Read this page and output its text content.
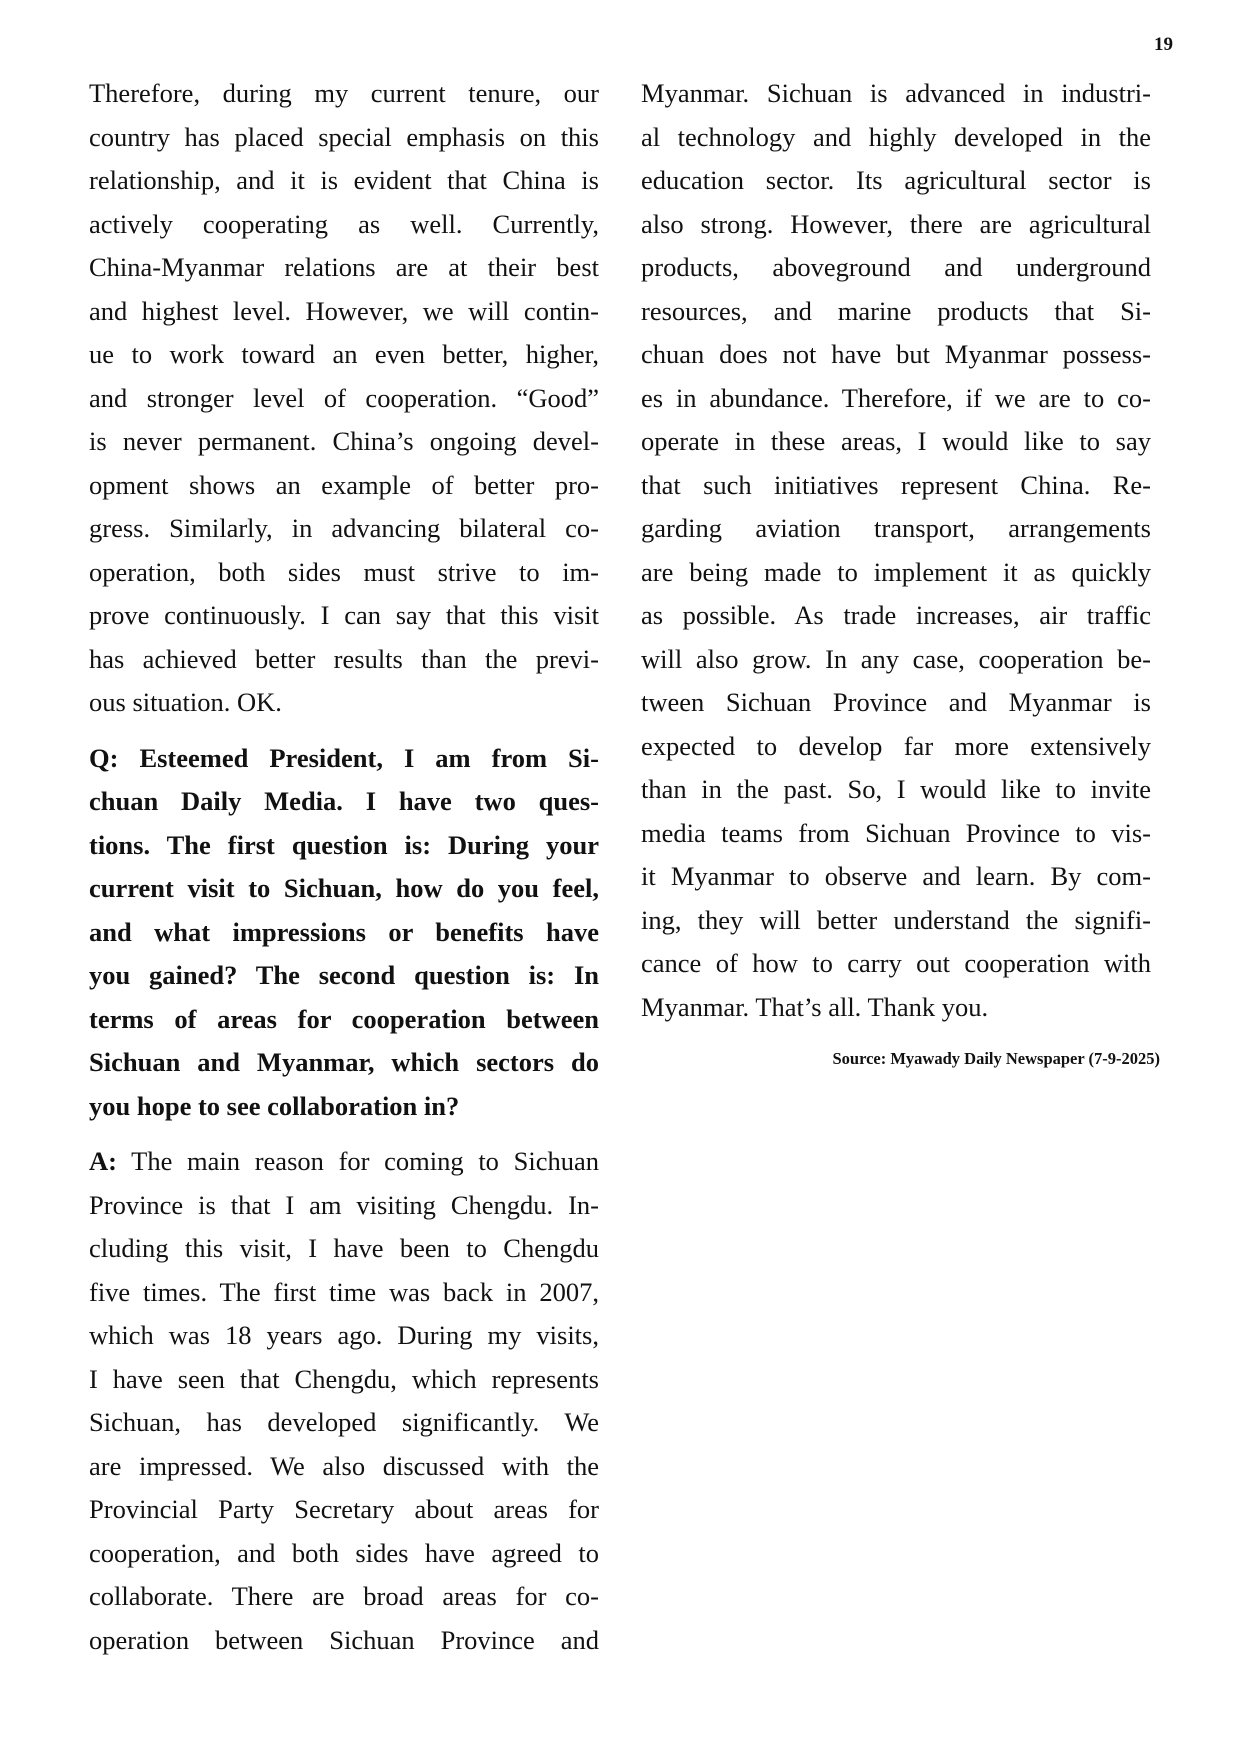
19

Therefore, during my current tenure, our
country has placed special emphasis on this
relationship, and it is evident that China is
actively cooperating as well. Currently,
China-Myanmar relations are at their best
and highest level. However, we will contin-
ue to work toward an even better, higher,
and stronger level of cooperation. “Good”
is never permanent. China’s ongoing devel-
opment shows an example of better pro-
gress. Similarly, in advancing bilateral co-
operation, both sides must strive to im-
prove continuously. I can say that this visit
has achieved better results than the previ-
ous situation. OK.

Q: Esteemed President, I am from Si-
chuan Daily Media. I have two ques-
tions. The first question is: During your
current visit to Sichuan, how do you feel,
and what impressions or benefits have
you gained? The second question is: In
terms of areas for cooperation between
Sichuan and Myanmar, which sectors do
you hope to see collaboration in?

A: The main reason for coming to Sichuan
Province is that I am visiting Chengdu. In-
cluding this visit, I have been to Chengdu
five times. The first time was back in 2007,
which was 18 years ago. During my visits,
I have seen that Chengdu, which represents
Sichuan, has developed significantly. We
are impressed. We also discussed with the
Provincial Party Secretary about areas for
cooperation, and both sides have agreed to
collaborate. There are broad areas for co-
operation between Sichuan Province and

Myanmar. Sichuan is advanced in industri-
al technology and highly developed in the
education sector. Its agricultural sector is
also strong. However, there are agricultural
products, aboveground and underground
resources, and marine products that Si-
chuan does not have but Myanmar possess-
es in abundance. Therefore, if we are to co-
operate in these areas, I would like to say
that such initiatives represent China. Re-
garding aviation transport, arrangements
are being made to implement it as quickly
as possible. As trade increases, air traffic
will also grow. In any case, cooperation be-
tween Sichuan Province and Myanmar is
expected to develop far more extensively
than in the past. So, I would like to invite
media teams from Sichuan Province to vis-
it Myanmar to observe and learn. By com-
ing, they will better understand the signifi-
cance of how to carry out cooperation with
Myanmar. That’s all. Thank you.

Source: Myawady Daily Newspaper (7-9-2025)
